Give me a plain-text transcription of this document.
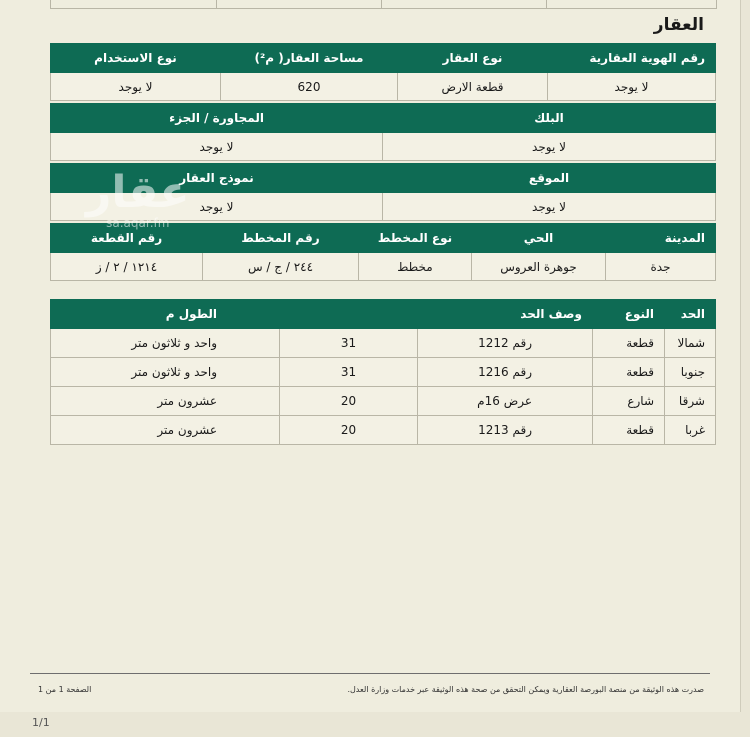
العقار
رقم الهوية العقارية	نوع العقار	مساحة العقار( م²)	نوع الاستخدام
لا يوجد	قطعة الارض	620	لا يوجد
البلك	المجاورة / الجزء
لا يوجد	لا يوجد
الموقع	نموذج العقار
لا يوجد	لا يوجد
المدينة	الحي	نوع المخطط	رقم المخطط	رقم القطعة
جدة	جوهرة العروس	مخطط	٢٤٤ / ج / س	١٢١٤ / ٢ / ز
الحد	النوع	وصف الحد		الطول م
شمالا	قطعة	رقم 1212	31	واحد و ثلاثون متر
جنوبا	قطعة	رقم 1216	31	واحد و ثلاثون متر
شرقا	شارع	عرض 16م	20	عشرون متر
غربا	قطعة	رقم 1213	20	عشرون متر
عقار
sa.aqar.fm
صدرت هذه الوثيقة من منصة البورصة العقارية ويمكن التحقق من صحة هذه الوثيقة عبر خدمات وزارة العدل.
الصفحة 1 من 1
1/1
